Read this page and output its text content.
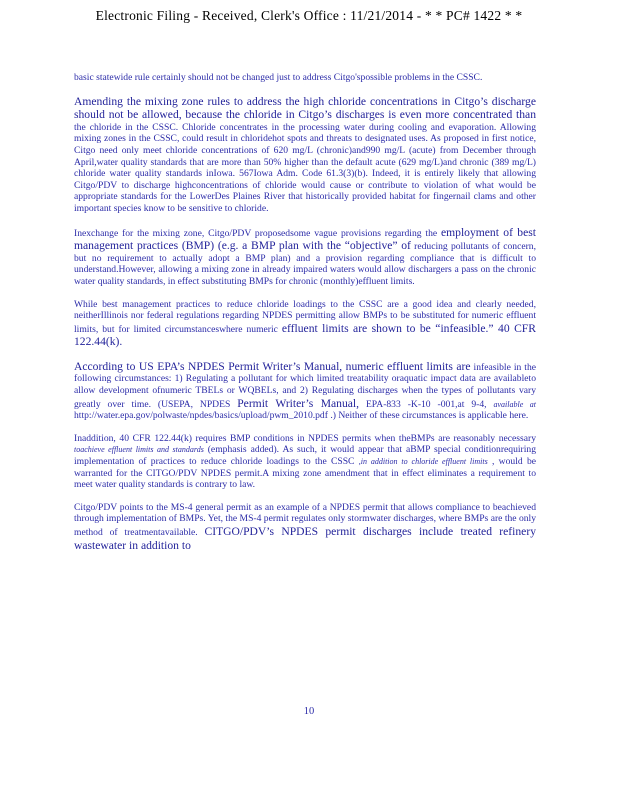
Electronic Filing - Received, Clerk's Office : 11/21/2014 - * * PC# 1422 * *

basic statewide rule certainly should not be changed just to address Citgo'spossible problems in the CSSC.

Amending the mixing zone rules to address the high chloride concentrations in Citgo’s discharge should not be allowed, because the chloride in Citgo’s discharges is even more concentrated than the chloride in the CSSC. Chloride concentrates in the processing water during cooling and evaporation. Allowing mixing zones in the CSSC, could result in chloridehot spots and threats to designated uses. As proposed in first notice, Citgo need only meet chloride concentrations of 620 mg/L (chronic)and990 mg/L (acute) from December through April,water quality standards that are more than 50% higher than the default acute (629 mg/L)and chronic (389 mg/L) chloride water quality standards inIowa. 567Iowa Adm. Code 61.3(3)(b). Indeed, it is entirely likely that allowing Citgo/PDV to discharge highconcentrations of chloride would cause or contribute to violation of what would be appropriate standards for the LowerDes Plaines River that historically provided habitat for fingernail clams and other important species know to be sensitive to chloride.

Inexchange for the mixing zone, Citgo/PDV proposedsome vague provisions regarding the employment of best management practices (BMP) (e.g. a BMP plan with the “objective” of reducing pollutants of concern, but no requirement to actually adopt a BMP plan) and a provision regarding compliance that is difficult to understand.However, allowing a mixing zone in already impaired waters would allow dischargers a pass on the chronic water quality standards, in effect substituting BMPs for chronic (monthly)effluent limits.

While best management practices to reduce chloride loadings to the CSSC are a good idea and clearly needed, neitherIllinois nor federal regulations regarding NPDES permitting allow BMPs to be substituted for numeric effluent limits, but for limited circumstanceswhere numeric effluent limits are shown to be “infeasible.” 40 CFR 122.44(k).

According to US EPA’s NPDES Permit Writer’s Manual, numeric effluent limits are infeasible in the following circumstances: 1) Regulating a pollutant for which limited treatability oraquatic impact data are availableto allow development ofnumeric TBELs or WQBELs, and 2) Regulating discharges when the types of pollutants vary greatly over time. (USEPA, NPDES Permit Writer’s Manual, EPA-833 -K-10 -001,at 9-4, available at http://water.epa.gov/polwaste/npdes/basics/upload/pwm_2010.pdf .) Neither of these circumstances is applicable here.

Inaddition, 40 CFR 122.44(k) requires BMP conditions in NPDES permits when theBMPs are reasonably necessary toachieve effluent limits and standards (emphasis added). As such, it would appear that aBMP special conditionrequiring implementation of practices to reduce chloride loadings to the CSSC ,in addition to chloride effluent limits , would be warranted for the CITGO/PDV NPDES permit.A mixing zone amendment that in effect eliminates a requirement to meet water quality standards is contrary to law.

Citgo/PDV points to the MS-4 general permit as an example of a NPDES permit that allows compliance to beachieved through implementation of BMPs. Yet, the MS-4 permit regulates only stormwater discharges, where BMPs are the only method of treatmentavailable. CITGO/PDV’s NPDES permit discharges include treated refinery wastewater in addition to

10
